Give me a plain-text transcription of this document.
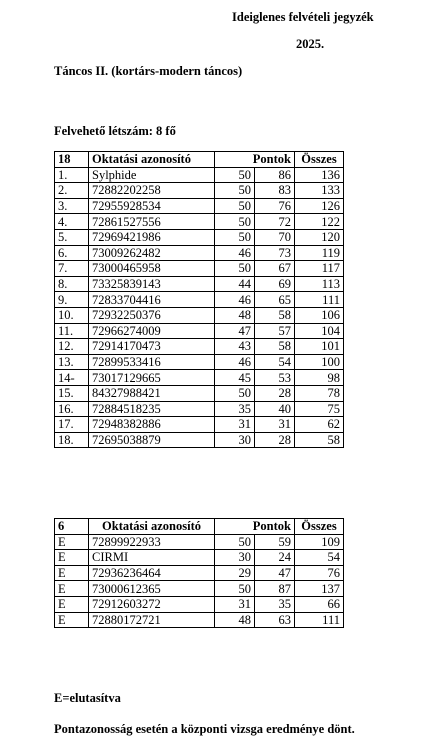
Ideiglenes felvételi jegyzék
2025.
Táncos II. (kortárs-modern táncos)
Felvehető létszám: 8 fő
18	Oktatási azonosító	Pontok		Összes
1.	Sylphide	50	86	136
2.	72882202258	50	83	133
3.	72955928534	50	76	126
4.	72861527556	50	72	122
5.	72969421986	50	70	120
6.	73009262482	46	73	119
7.	73000465958	50	67	117
8.	73325839143	44	69	113
9.	72833704416	46	65	111
10.	72932250376	48	58	106
11.	72966274009	47	57	104
12.	72914170473	43	58	101
13.	72899533416	46	54	100
14-	73017129665	45	53	98
15.	84327988421	50	28	78
16.	72884518235	35	40	75
17.	72948382886	31	31	62
18.	72695038879	30	28	58
6	Oktatási azonosító	Pontok		Összes
E	72899922933	50	59	109
E	CIRMI	30	24	54
E	72936236464	29	47	76
E	73000612365	50	87	137
E	72912603272	31	35	66
E	72880172721	48	63	111
E=elutasítva
Pontazonosság esetén a központi vizsga eredménye dönt.
